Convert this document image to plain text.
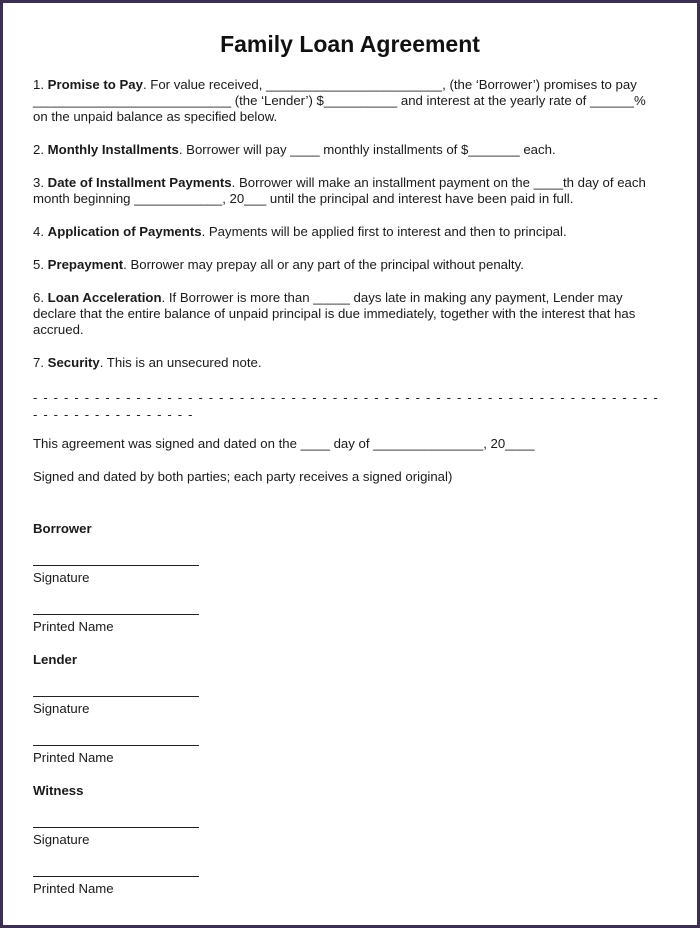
Family Loan Agreement
1. Promise to Pay. For value received, ________________________, (the ‘Borrower’) promises to pay ___________________________ (the ‘Lender’) $__________ and interest at the yearly rate of ______% on the unpaid balance as specified below.
2. Monthly Installments. Borrower will pay ____ monthly installments of $_______ each.
3. Date of Installment Payments. Borrower will make an installment payment on the ____th day of each month beginning ____________, 20___ until the principal and interest have been paid in full.
4. Application of Payments. Payments will be applied first to interest and then to principal.
5. Prepayment. Borrower may prepay all or any part of the principal without penalty.
6. Loan Acceleration. If Borrower is more than _____ days late in making any payment, Lender may declare that the entire balance of unpaid principal is due immediately, together with the interest that has accrued.
7. Security. This is an unsecured note.
- - - - - - - - - - - - - - - - - - - - - - - - - - - - - - - - - - - - - - - - - - - - - - - - - - - - - - - - - - - - - - - - - - - - - - - - - - - - -
This agreement was signed and dated on the ____ day of _______________, 20____
Signed and dated by both parties; each party receives a signed original)
Borrower
Signature
Printed Name
Lender
Signature
Printed Name
Witness
Signature
Printed Name
